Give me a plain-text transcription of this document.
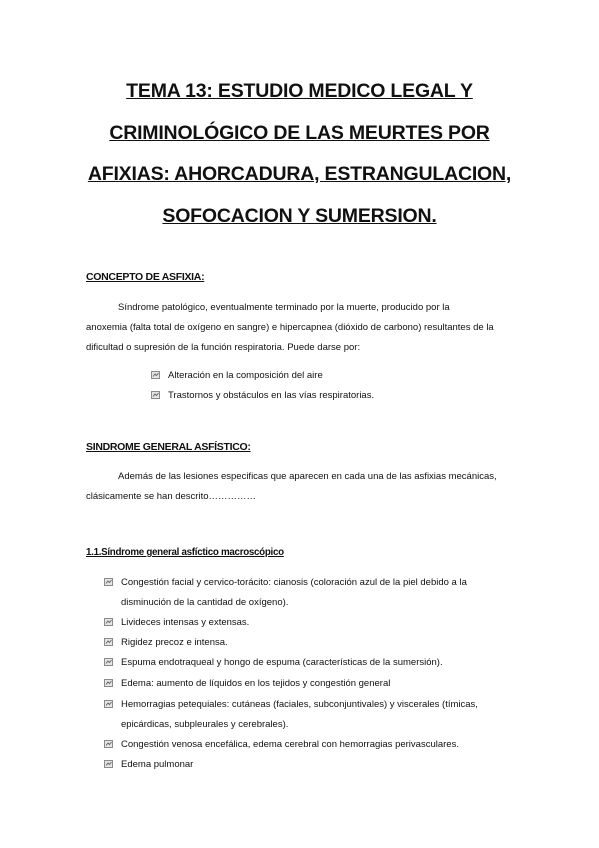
TEMA 13: ESTUDIO MEDICO LEGAL Y
CRIMINOLÓGICO DE LAS MEURTES POR
AFIXIAS: AHORCADURA, ESTRANGULACION,
SOFOCACION Y SUMERSION.
CONCEPTO DE ASFIXIA:
Síndrome patológico, eventualmente terminado por la muerte, producido por la
anoxemia (falta total de oxígeno en sangre) e hipercapnea (dióxido de carbono) resultantes de la
dificultad o supresión de la función respiratoria. Puede darse por:
Alteración en la composición del aire
Trastornos y obstáculos en las vías respiratorias.
SINDROME GENERAL ASFÍSTICO:
Además de las lesiones especificas que aparecen en cada una de las asfixias mecánicas,
clásicamente se han descrito……………
1.1.Síndrome general asfíctico macroscópico
Congestión facial y cervico-torácito: cianosis (coloración azul de la piel debido a la
disminución de la cantidad de oxígeno).
Livideces intensas y extensas.
Rigidez precoz e intensa.
Espuma endotraqueal y hongo de espuma (características de la sumersión).
Edema: aumento de líquidos en los tejidos y congestión general
Hemorragias petequiales: cutáneas (faciales, subconjuntivales) y viscerales (tímicas,
epicárdicas, subpleurales y cerebrales).
Congestión venosa encefálica, edema cerebral con hemorragias perivasculares.
Edema pulmonar
